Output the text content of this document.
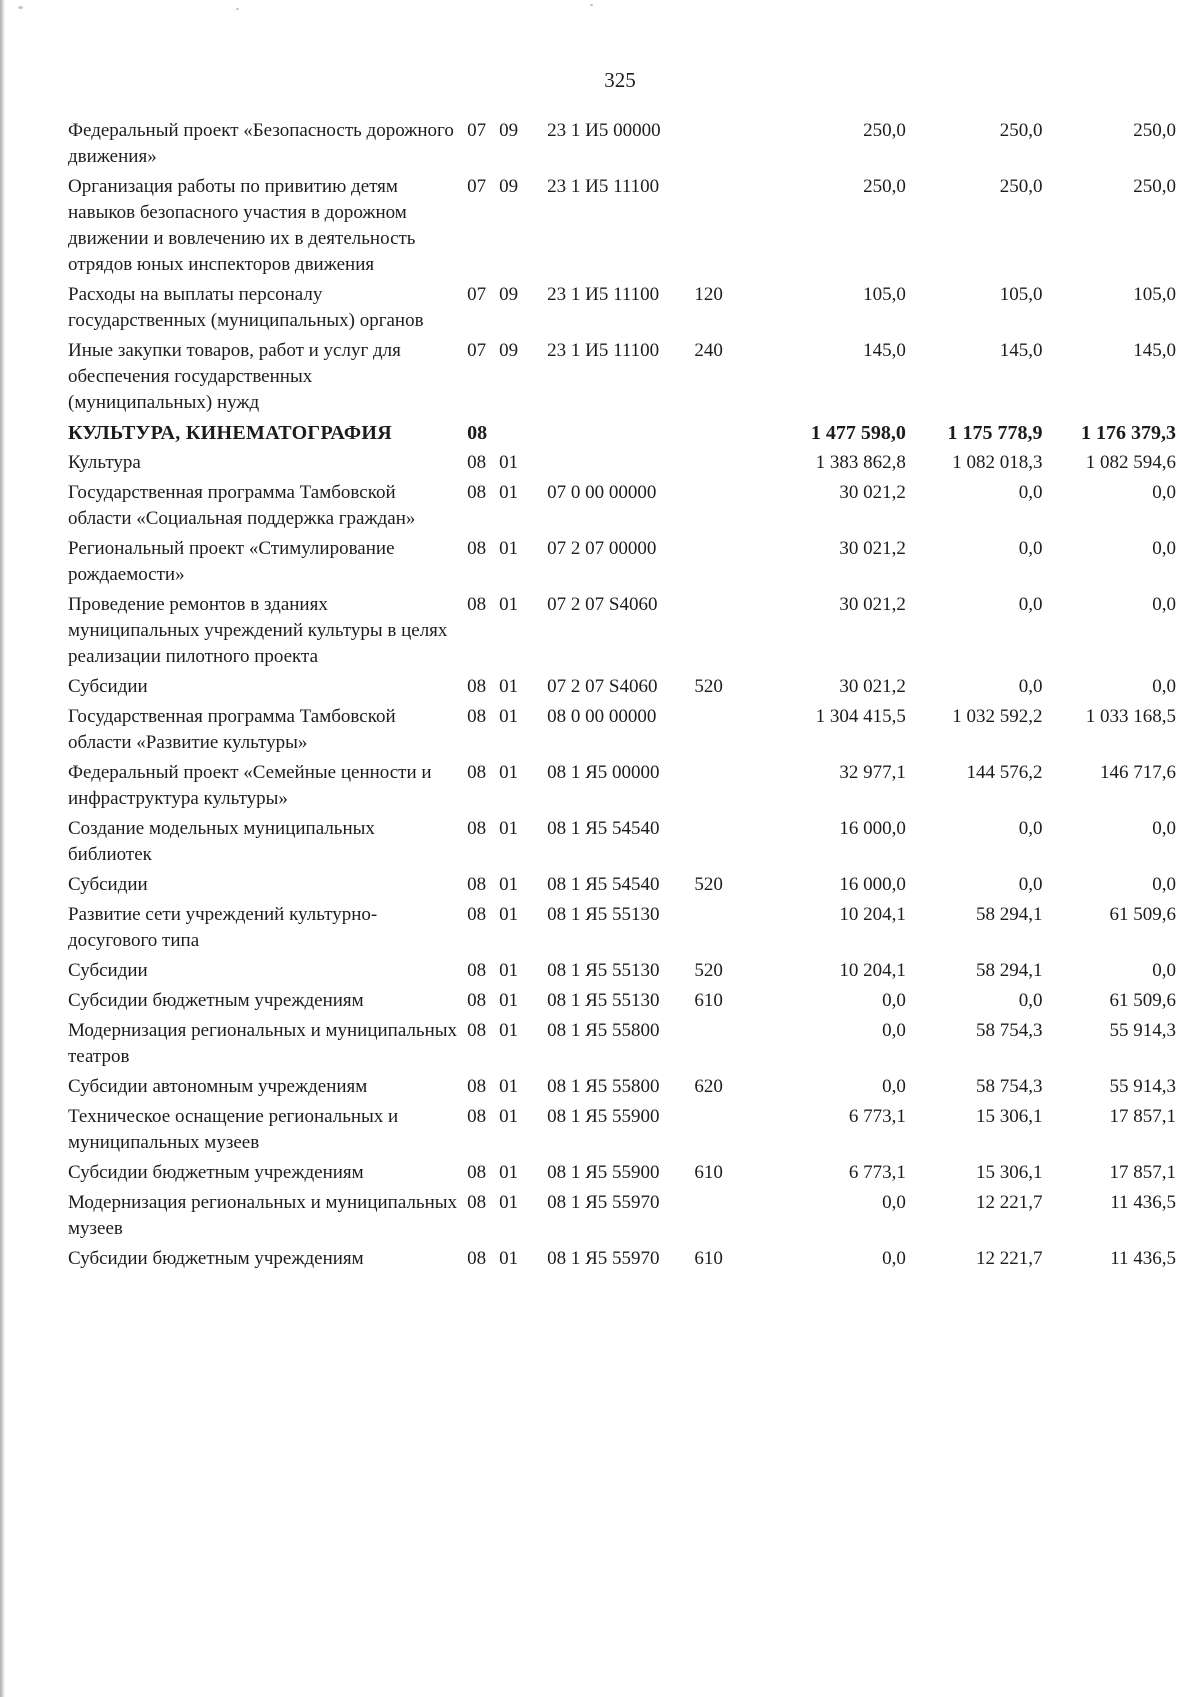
325
Федеральный проект «Безопасность дорожного движения»	07	09	23 1 И5 00000		250,0	250,0	250,0
Организация работы по привитию детям навыков безопасного участия в дорожном движении и вовлечению их в деятельность отрядов юных инспекторов движения	07	09	23 1 И5 11100		250,0	250,0	250,0
Расходы на выплаты персоналу государственных (муниципальных) органов	07	09	23 1 И5 11100	120	105,0	105,0	105,0
Иные закупки товаров, работ и услуг для обеспечения государственных (муниципальных) нужд	07	09	23 1 И5 11100	240	145,0	145,0	145,0
КУЛЬТУРА, КИНЕМАТОГРАФИЯ	08				1 477 598,0	1 175 778,9	1 176 379,3
Культура	08	01			1 383 862,8	1 082 018,3	1 082 594,6
Государственная программа Тамбовской области «Социальная поддержка граждан»	08	01	07 0 00 00000		30 021,2	0,0	0,0
Региональный проект «Стимулирование рождаемости»	08	01	07 2 07 00000		30 021,2	0,0	0,0
Проведение ремонтов в зданиях муниципальных учреждений культуры в целях реализации пилотного проекта	08	01	07 2 07 S4060		30 021,2	0,0	0,0
Субсидии	08	01	07 2 07 S4060	520	30 021,2	0,0	0,0
Государственная программа Тамбовской области «Развитие культуры»	08	01	08 0 00 00000		1 304 415,5	1 032 592,2	1 033 168,5
Федеральный проект «Семейные ценности и инфраструктура культуры»	08	01	08 1 Я5 00000		32 977,1	144 576,2	146 717,6
Создание модельных муниципальных библиотек	08	01	08 1 Я5 54540		16 000,0	0,0	0,0
Субсидии	08	01	08 1 Я5 54540	520	16 000,0	0,0	0,0
Развитие сети учреждений культурно-досугового типа	08	01	08 1 Я5 55130		10 204,1	58 294,1	61 509,6
Субсидии	08	01	08 1 Я5 55130	520	10 204,1	58 294,1	0,0
Субсидии бюджетным учреждениям	08	01	08 1 Я5 55130	610	0,0	0,0	61 509,6
Модернизация региональных и муниципальных театров	08	01	08 1 Я5 55800		0,0	58 754,3	55 914,3
Субсидии автономным учреждениям	08	01	08 1 Я5 55800	620	0,0	58 754,3	55 914,3
Техническое оснащение региональных и муниципальных музеев	08	01	08 1 Я5 55900		6 773,1	15 306,1	17 857,1
Субсидии бюджетным учреждениям	08	01	08 1 Я5 55900	610	6 773,1	15 306,1	17 857,1
Модернизация региональных и муниципальных музеев	08	01	08 1 Я5 55970		0,0	12 221,7	11 436,5
Субсидии бюджетным учреждениям	08	01	08 1 Я5 55970	610	0,0	12 221,7	11 436,5
